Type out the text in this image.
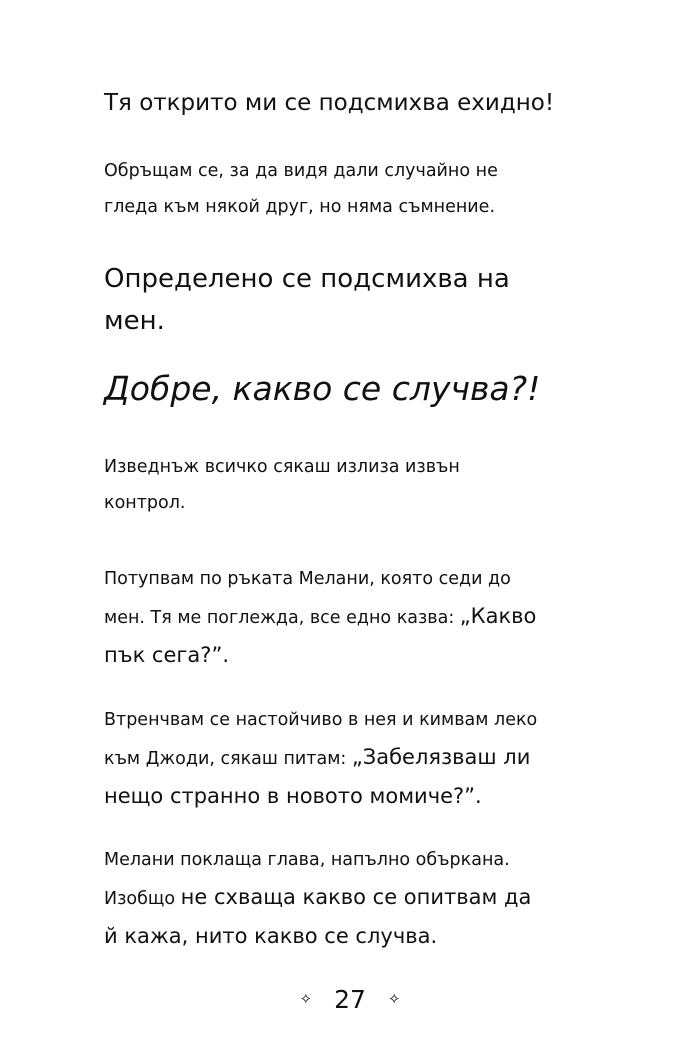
Тя открито ми се подсмихва ехидно!

Обръщам се, за да видя дали случайно не
гледа към някой друг, но няма съмнение.

Определено се подсмихва на
мен.

Добре, какво се случва?!

Изведнъж всичко сякаш излиза извън
контрол.

Потупвам по ръката Мелани, която седи до
мен. Тя ме поглежда, все едно казва: „Какво
пък сега?”.

Втренчвам се настойчиво в нея и кимвам леко
към Джоди, сякаш питам: „Забелязваш ли
нещо странно в новото момиче?”.

Мелани поклаща глава, напълно объркана.
Изобщо не схваща какво се опитвам да
й кажа, нито какво се случва.

✧ 27 ✧
